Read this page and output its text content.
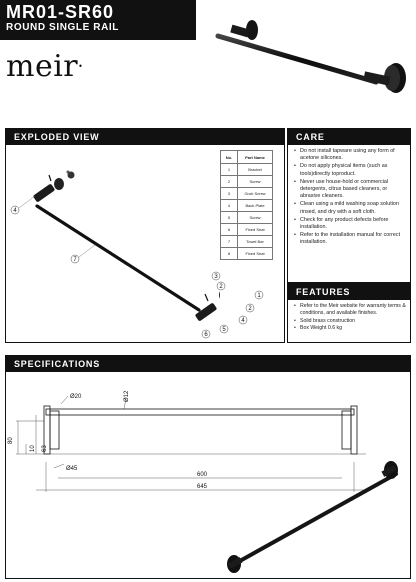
MR01-SR60
ROUND SINGLE RAIL
meir•
EXPLODED VIEW
4
7
3
2
1
2
4
5
6
No.	Part Name
1	Bracket
2	Screw
3	Grub Screw
4	Back Plate
5	Screw
6	Fixed Seat
7	Towel Bar
8	Fixed Seat
CARE
• Do not install tapware using any form of acetone silicones.
• Do not apply physical items (such as tools)directly toproduct.
• Never use house-hold or commercial detergents, citrus based cleaners, or abrasive cleaners.
• Clean using a mild washing soap solution rinsed, and dry with a soft cloth.
• Check for any product defects before installation.
• Refer to the installation manual for correct installation.
FEATURES
• Refer to the Meir website for warranty terms & conditions, and available finishes.
• Solid brass construction
• Box Weight 0.6 kg
SPECIFICATIONS
Ø20	Ø12
80
10 63
Ø45
600
645
